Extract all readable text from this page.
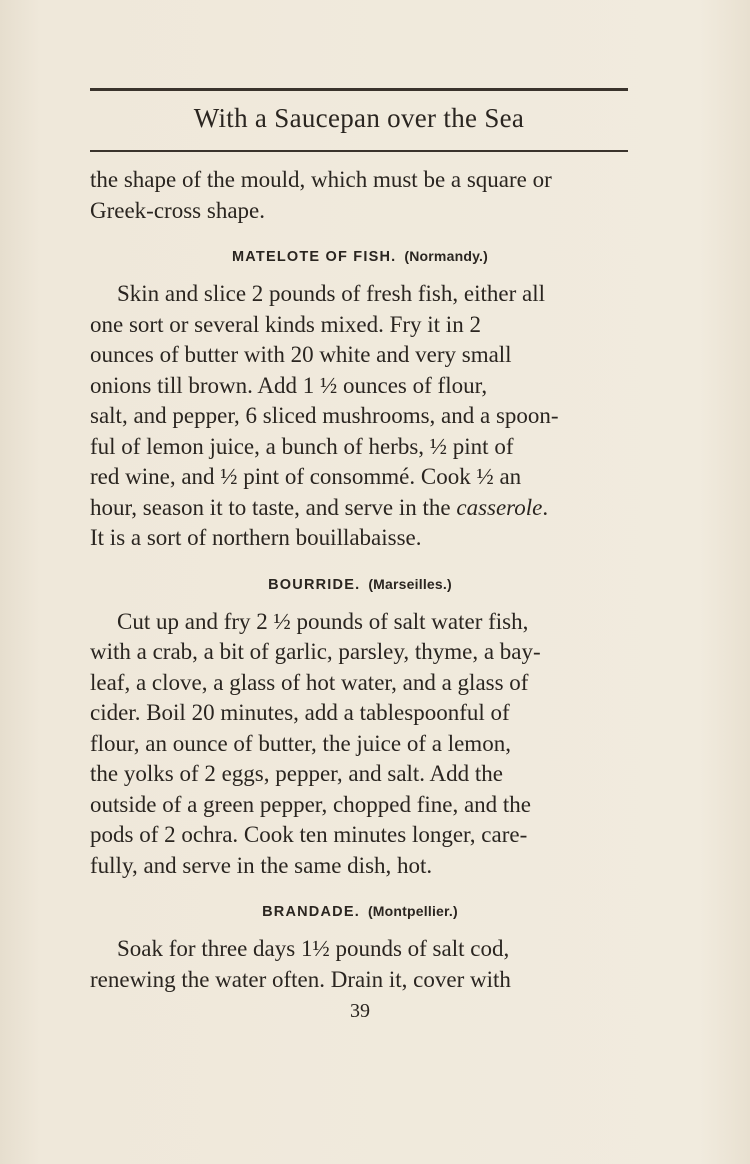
With a Saucepan over the Sea

the shape of the mould, which must be a square or

Greek-cross shape.

MATELOTE OF FISH. (Normandy.)

Skin and slice 2 pounds of fresh fish, either all

one sort or several kinds mixed. Fry it in 2

ounces of butter with 20 white and very small

onions till brown. Add 1 ½ ounces of flour,

salt, and pepper, 6 sliced mushrooms, and a spoon-

ful of lemon juice, a bunch of herbs, ½ pint of

red wine, and ½ pint of consommé. Cook ½ an

hour, season it to taste, and serve in the casserole.

It is a sort of northern bouillabaisse.

BOURRIDE. (Marseilles.)

Cut up and fry 2 ½ pounds of salt water fish,

with a crab, a bit of garlic, parsley, thyme, a bay-

leaf, a clove, a glass of hot water, and a glass of

cider. Boil 20 minutes, add a tablespoonful of

flour, an ounce of butter, the juice of a lemon,

the yolks of 2 eggs, pepper, and salt. Add the

outside of a green pepper, chopped fine, and the

pods of 2 ochra. Cook ten minutes longer, care-

fully, and serve in the same dish, hot.

BRANDADE. (Montpellier.)

Soak for three days 1½ pounds of salt cod,

renewing the water often. Drain it, cover with

39
